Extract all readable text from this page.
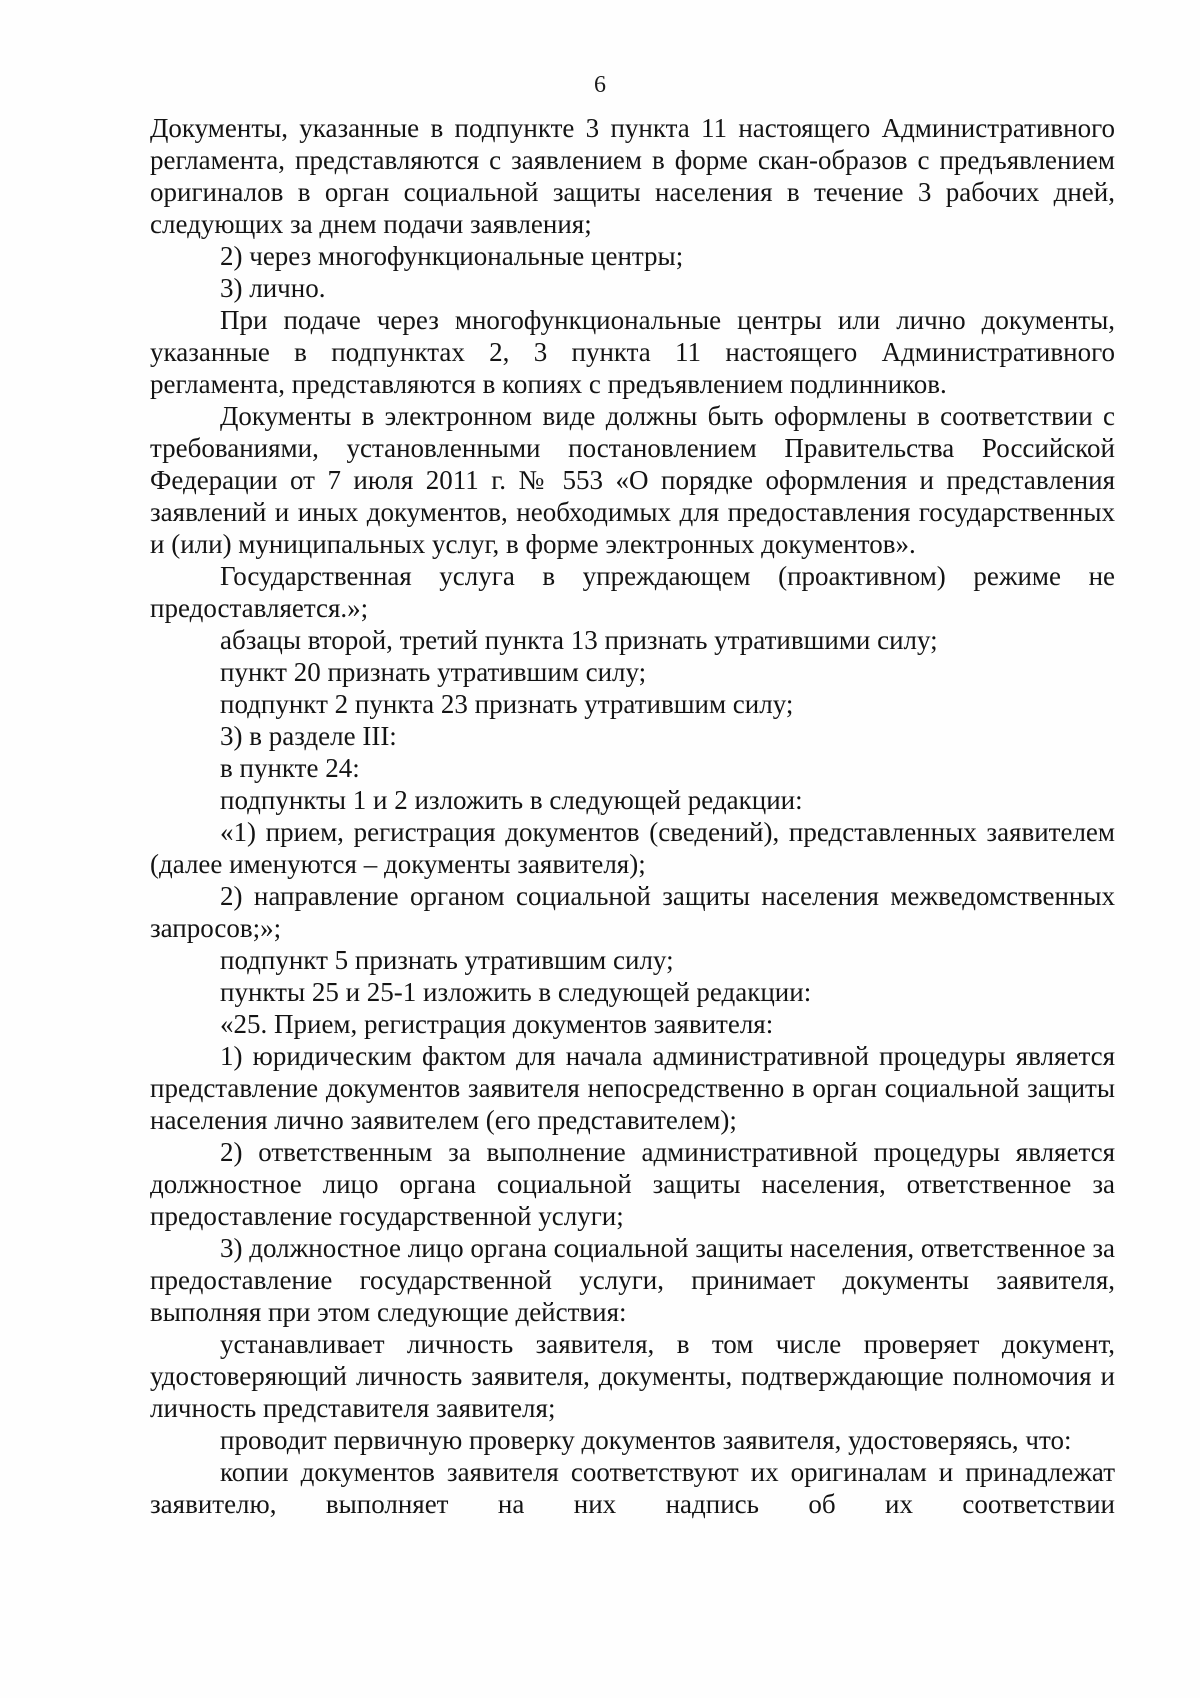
6

Документы, указанные в подпункте 3 пункта 11 настоящего Административного регламента, представляются с заявлением в форме скан-образов с предъявлением оригиналов в орган социальной защиты населения в течение 3 рабочих дней, следующих за днем подачи заявления;

2) через многофункциональные центры;

3) лично.

При подаче через многофункциональные центры или лично документы, указанные в подпунктах 2, 3 пункта 11 настоящего Административного регламента, представляются в копиях с предъявлением подлинников.

Документы в электронном виде должны быть оформлены в соответствии с требованиями, установленными постановлением Правительства Российской Федерации от 7 июля 2011 г. № 553 «О порядке оформления и представления заявлений и иных документов, необходимых для предоставления государственных и (или) муниципальных услуг, в форме электронных документов».

Государственная услуга в упреждающем (проактивном) режиме не предоставляется.»;

абзацы второй, третий пункта 13 признать утратившими силу;

пункт 20 признать утратившим силу;

подпункт 2 пункта 23 признать утратившим силу;

3) в разделе III:

в пункте 24:

подпункты 1 и 2 изложить в следующей редакции:

«1) прием, регистрация документов (сведений), представленных заявителем (далее именуются – документы заявителя);

2) направление органом социальной защиты населения межведомственных запросов;»;

подпункт 5 признать утратившим силу;

пункты 25 и 25-1 изложить в следующей редакции:

«25. Прием, регистрация документов заявителя:

1) юридическим фактом для начала административной процедуры является представление документов заявителя непосредственно в орган социальной защиты населения лично заявителем (его представителем);

2) ответственным за выполнение административной процедуры является должностное лицо органа социальной защиты населения, ответственное за предоставление государственной услуги;

3) должностное лицо органа социальной защиты населения, ответственное за предоставление государственной услуги, принимает документы заявителя, выполняя при этом следующие действия:

устанавливает личность заявителя, в том числе проверяет документ, удостоверяющий личность заявителя, документы, подтверждающие полномочия и личность представителя заявителя;

проводит первичную проверку документов заявителя, удостоверяясь, что:

копии документов заявителя соответствуют их оригиналам и принадлежат заявителю, выполняет на них надпись об их соответствии
